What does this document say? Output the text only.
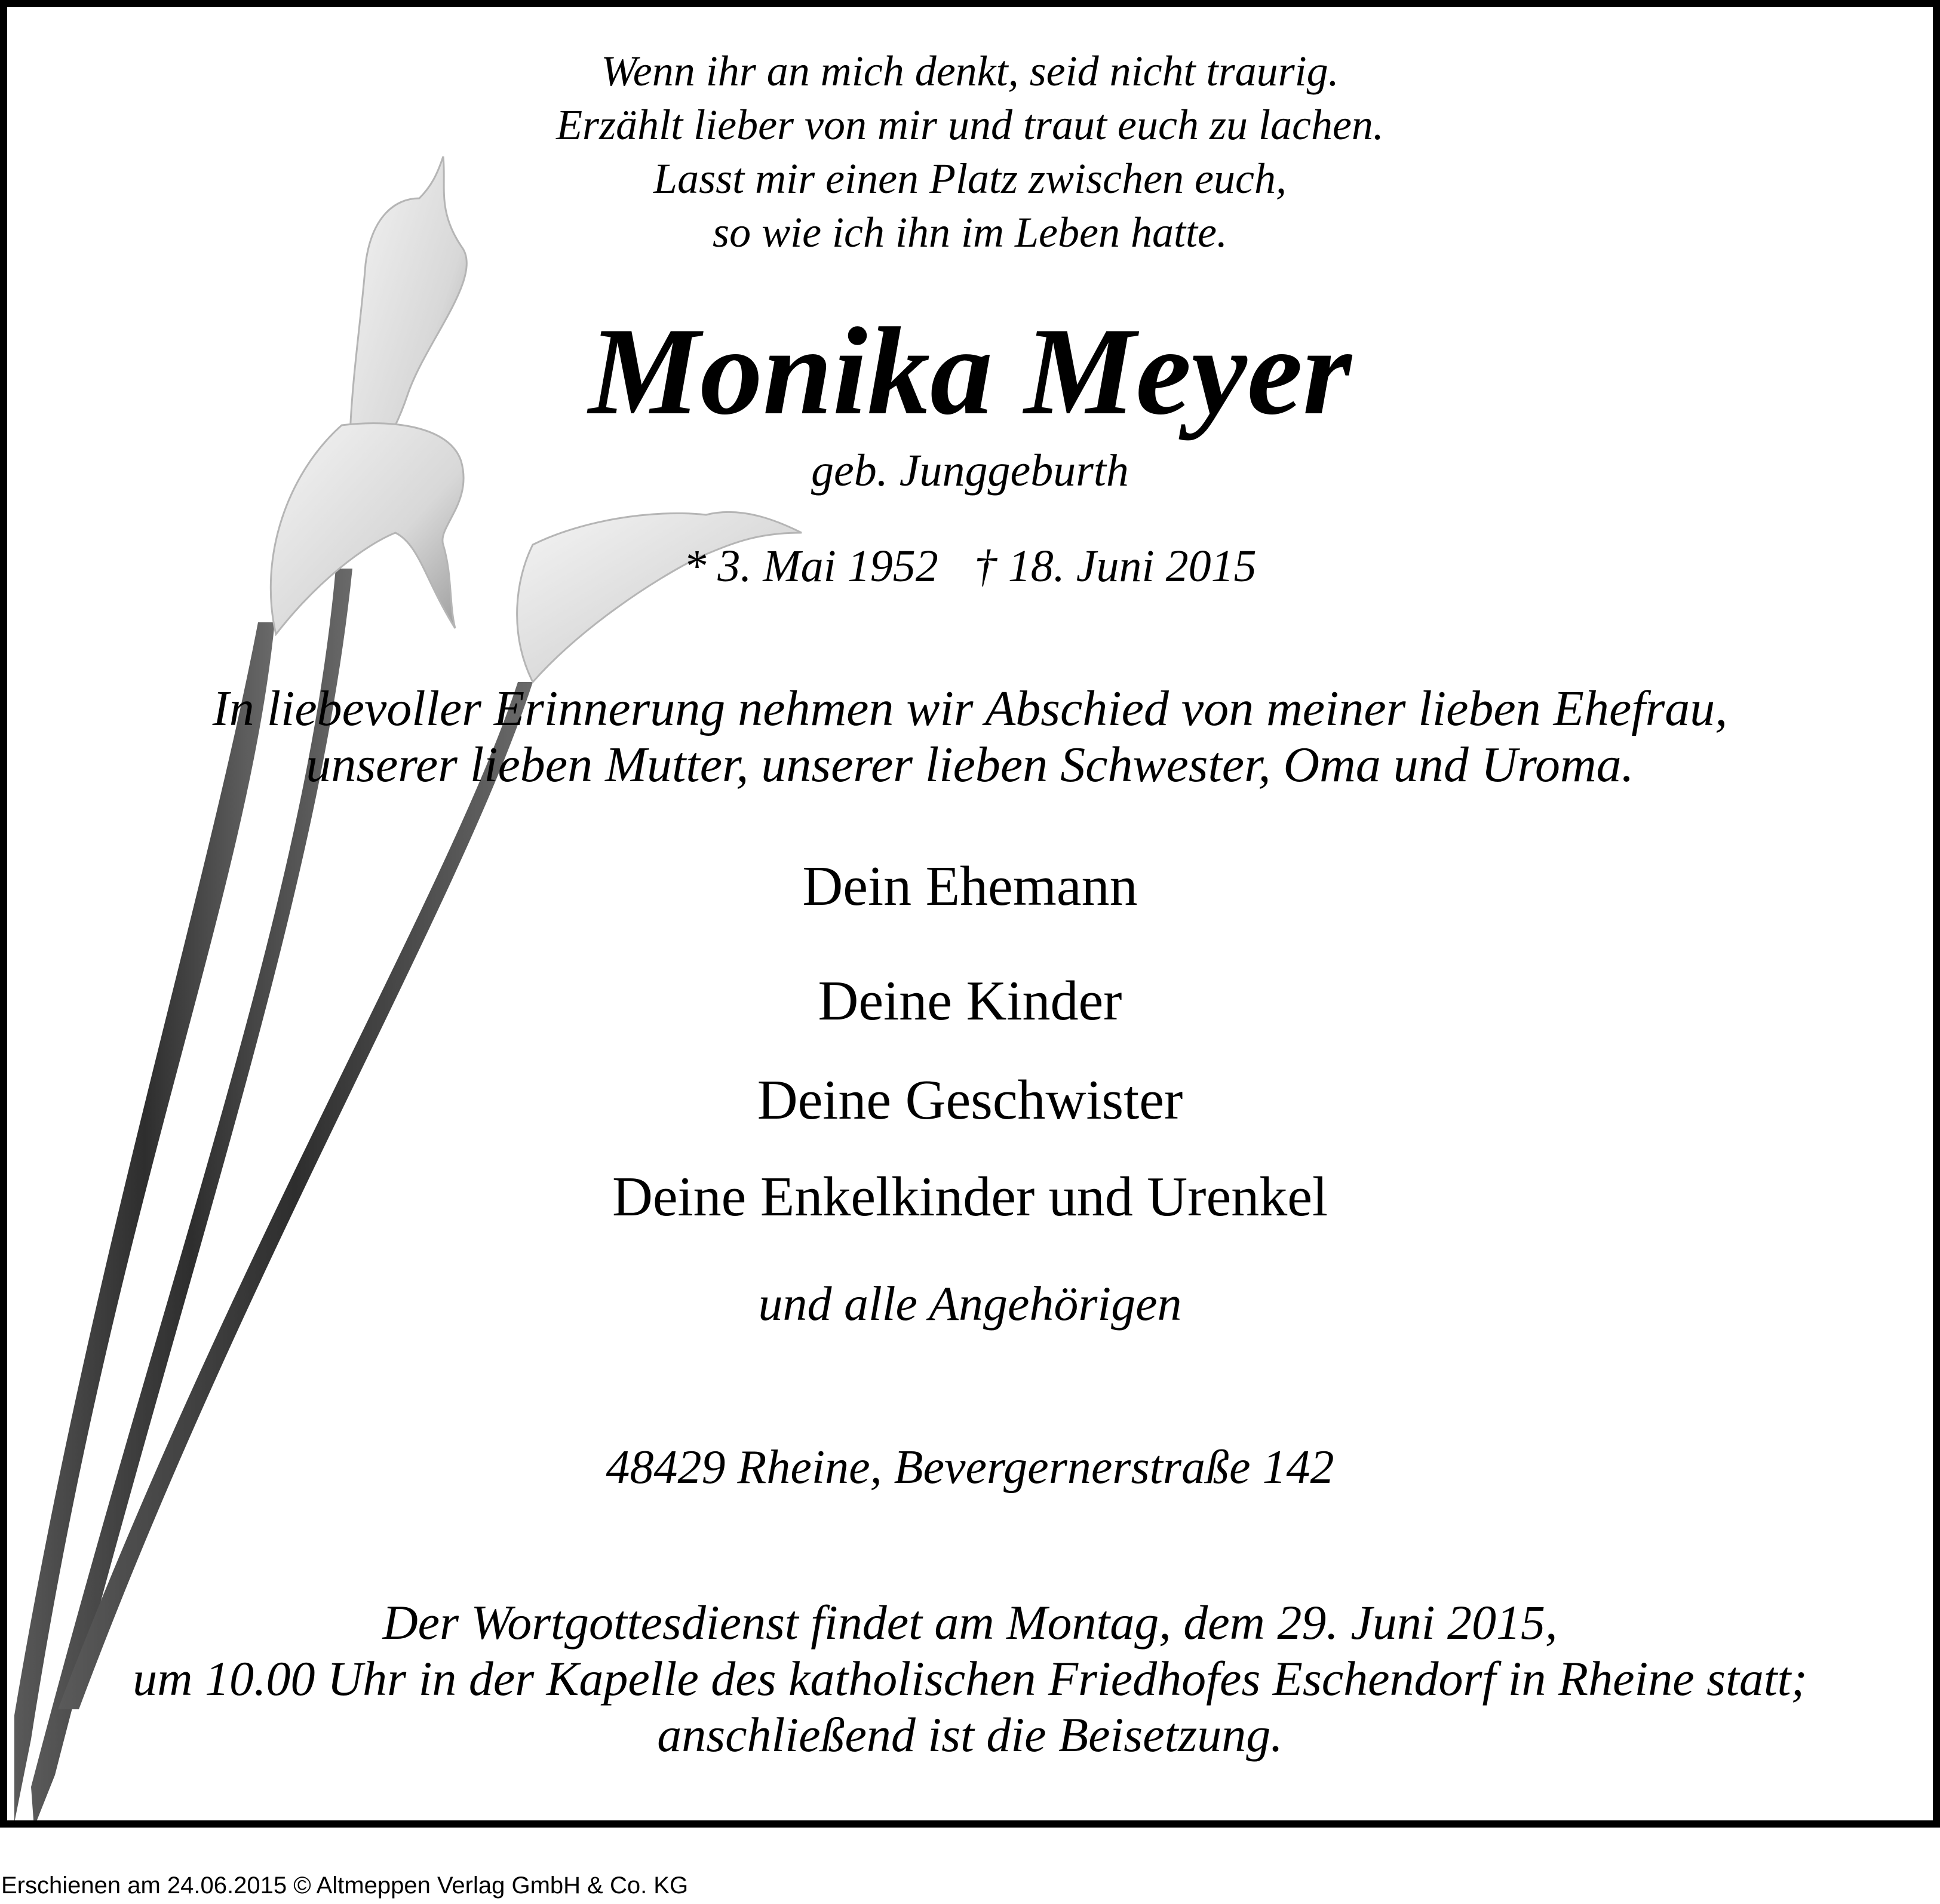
Wenn ihr an mich denkt, seid nicht traurig.
Erzählt lieber von mir und traut euch zu lachen.
Lasst mir einen Platz zwischen euch,
so wie ich ihn im Leben hatte.
Monika Meyer
geb. Junggeburth
* 3. Mai 1952 † 18. Juni 2015
In liebevoller Erinnerung nehmen wir Abschied von meiner lieben Ehefrau,
unserer lieben Mutter, unserer lieben Schwester, Oma und Uroma.
Dein Ehemann
Deine Kinder
Deine Geschwister
Deine Enkelkinder und Urenkel
und alle Angehörigen
48429 Rheine, Bevergernerstraße 142
Der Wortgottesdienst findet am Montag, dem 29. Juni 2015,
um 10.00 Uhr in der Kapelle des katholischen Friedhofes Eschendorf in Rheine statt;
anschließend ist die Beisetzung.
Erschienen am 24.06.2015 © Altmeppen Verlag GmbH & Co. KG
